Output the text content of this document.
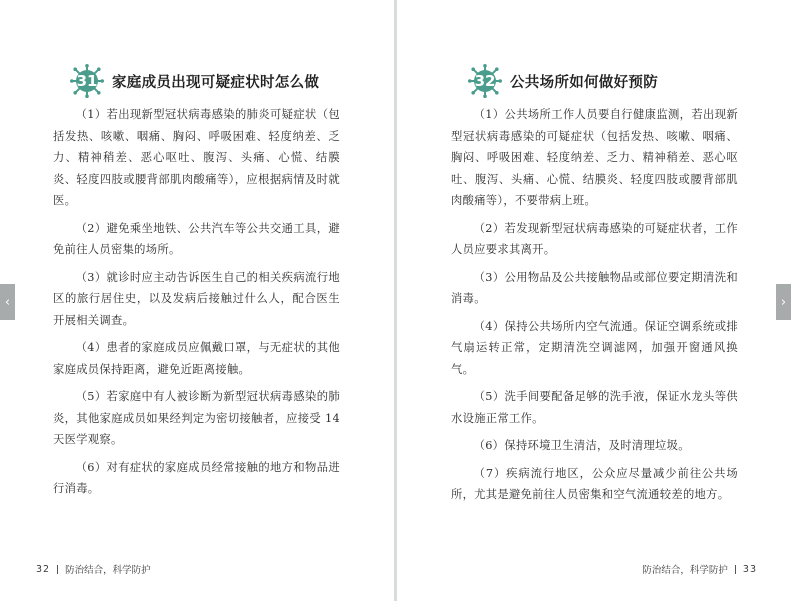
31	家庭成员出现可疑症状时怎么做

（1）若出现新型冠状病毒感染的肺炎可疑症状（包括发热、咳嗽、咽痛、胸闷、呼吸困难、轻度纳差、乏力、精神稍差、恶心呕吐、腹泻、头痛、心慌、结膜炎、轻度四肢或腰背部肌肉酸痛等），应根据病情及时就医。

（2）避免乘坐地铁、公共汽车等公共交通工具，避免前往人员密集的场所。

（3）就诊时应主动告诉医生自己的相关疾病流行地区的旅行居住史，以及发病后接触过什么人，配合医生开展相关调查。

（4）患者的家庭成员应佩戴口罩，与无症状的其他家庭成员保持距离，避免近距离接触。

（5）若家庭中有人被诊断为新型冠状病毒感染的肺炎，其他家庭成员如果经判定为密切接触者，应接受 14 天医学观察。

（6）对有症状的家庭成员经常接触的地方和物品进行消毒。

32 防治结合，科学防护
32	公共场所如何做好预防

（1）公共场所工作人员要自行健康监测，若出现新型冠状病毒感染的可疑症状（包括发热、咳嗽、咽痛、胸闷、呼吸困难、轻度纳差、乏力、精神稍差、恶心呕吐、腹泻、头痛、心慌、结膜炎、轻度四肢或腰背部肌肉酸痛等），不要带病上班。

（2）若发现新型冠状病毒感染的可疑症状者，工作人员应要求其离开。

（3）公用物品及公共接触物品或部位要定期清洗和消毒。

（4）保持公共场所内空气流通。保证空调系统或排气扇运转正常，定期清洗空调滤网，加强开窗通风换气。

（5）洗手间要配备足够的洗手液，保证水龙头等供水设施正常工作。

（6）保持环境卫生清洁，及时清理垃圾。

（7）疾病流行地区，公众应尽量减少前往公共场所，尤其是避免前往人员密集和空气流通较差的地方。

防治结合，科学防护 33
‹	›
